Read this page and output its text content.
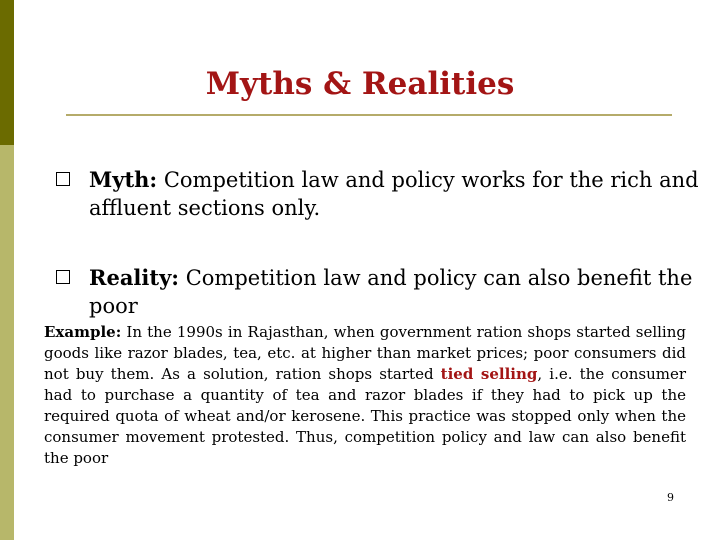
Myths & Realities
Myth: Competition law and policy works for the rich and affluent sections only.
Reality: Competition law and policy can also benefit the poor
Example: In the 1990s in Rajasthan, when government ration shops started selling goods like razor blades, tea, etc. at higher than market prices; poor consumers did not buy them. As a solution, ration shops started tied selling, i.e. the consumer had to purchase a quantity of tea and razor blades if they had to pick up the required quota of wheat and/or kerosene. This practice was stopped only when the consumer movement protested. Thus, competition policy and law can also benefit the poor
9
